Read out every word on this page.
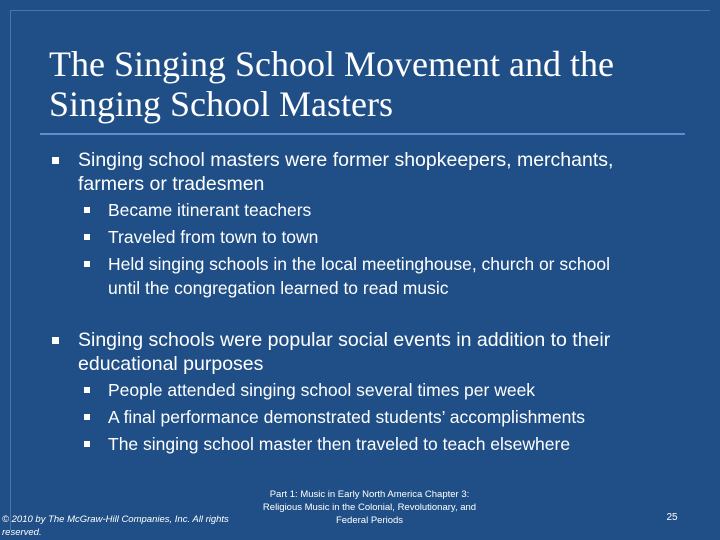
The Singing School Movement and the Singing School Masters
Singing school masters were former shopkeepers, merchants, farmers or tradesmen
Became itinerant teachers
Traveled from town to town
Held singing schools in the local meetinghouse, church or school until the congregation learned to read music
Singing schools were popular social events in addition to their educational purposes
People attended singing school several times per week
A final performance demonstrated students’ accomplishments
The singing school master then traveled to teach elsewhere
© 2010 by The McGraw-Hill Companies, Inc. All rights reserved.
Part 1: Music in Early North America Chapter 3: Religious Music in the Colonial, Revolutionary, and Federal Periods	25
